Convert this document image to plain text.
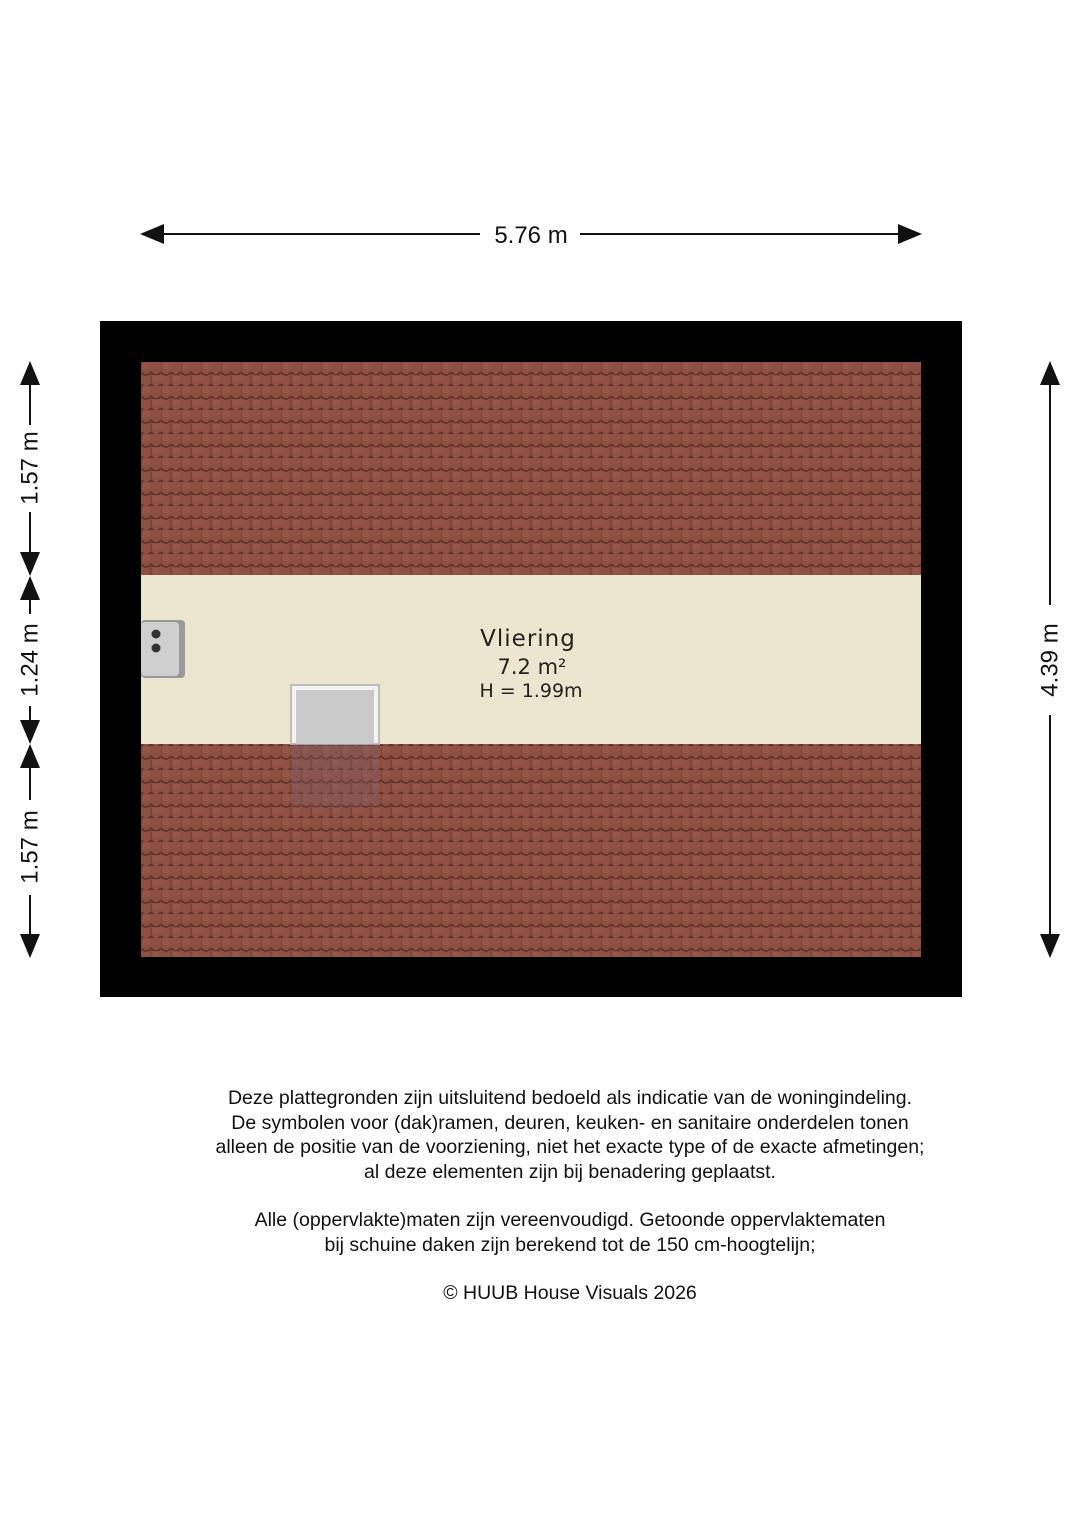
5.76 m
4.39 m
1.57 m
1.24 m
1.57 m
Vliering
7.2 m²
H = 1.99m

Deze plattegronden zijn uitsluitend bedoeld als indicatie van de woningindeling.

De symbolen voor (dak)ramen, deuren, keuken- en sanitaire onderdelen tonen

alleen de positie van de voorziening, niet het exacte type of de exacte afmetingen;

al deze elementen zijn bij benadering geplaatst.

Alle (oppervlakte)maten zijn vereenvoudigd. Getoonde oppervlaktematen

bij schuine daken zijn berekend tot de 150 cm-hoogtelijn;

© HUUB House Visuals 2026
